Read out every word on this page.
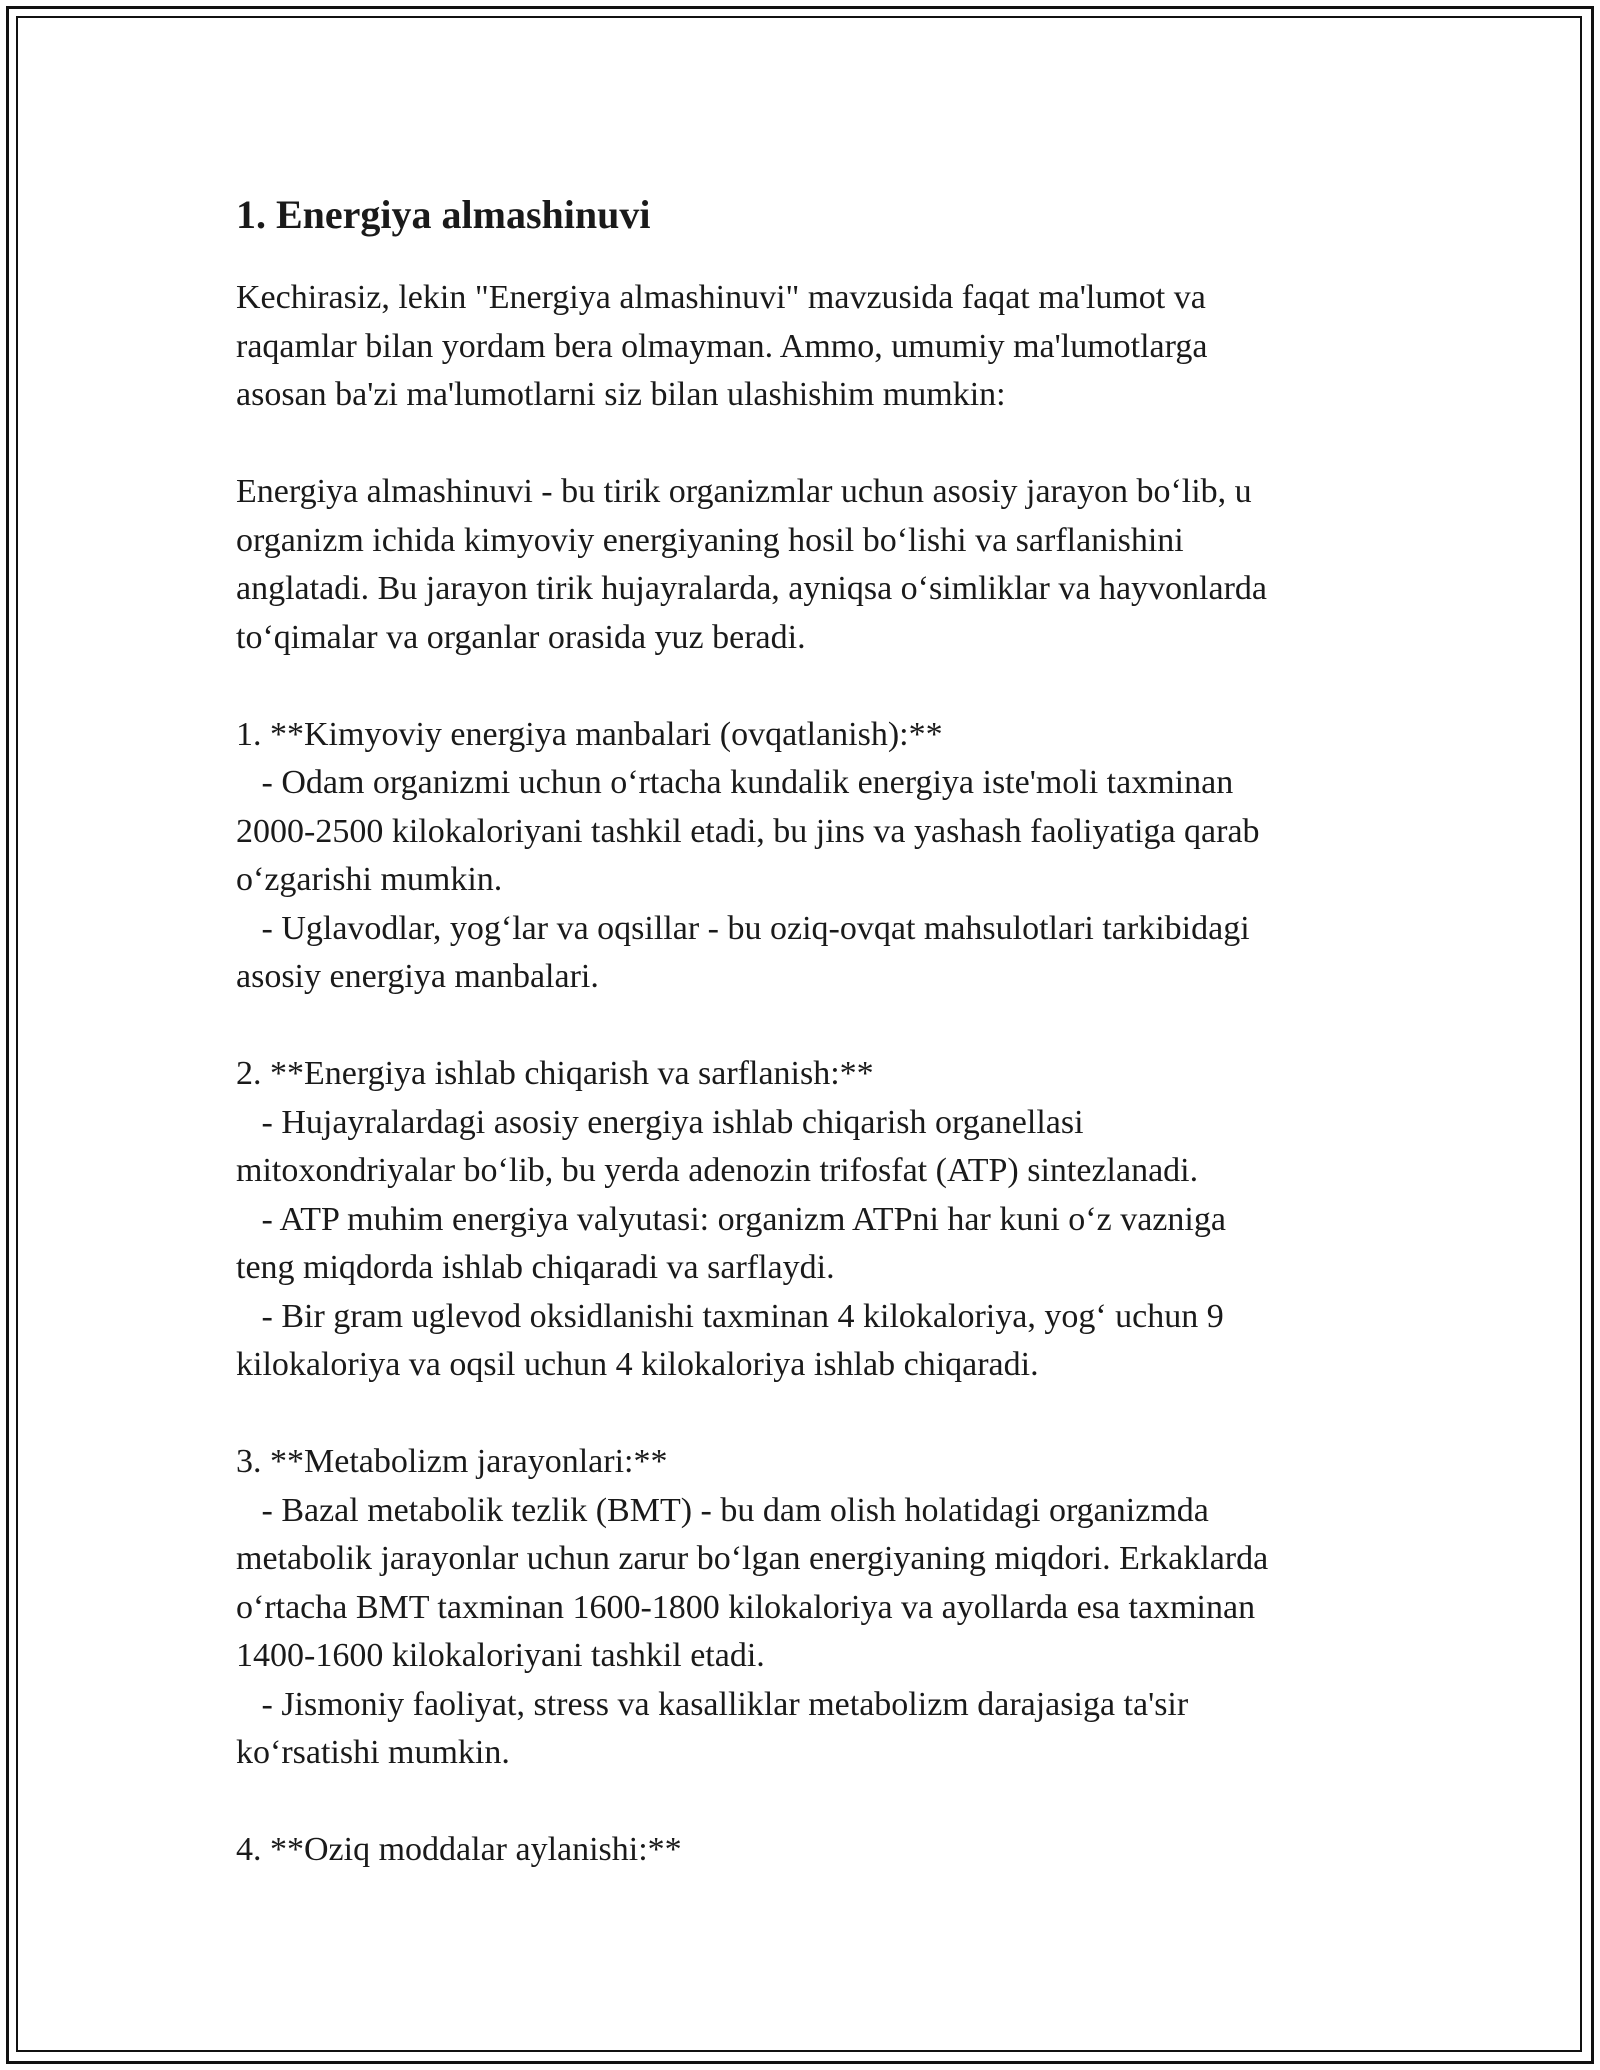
1. Energiya almashinuvi

Kechirasiz, lekin "Energiya almashinuvi" mavzusida faqat ma'lumot va

raqamlar bilan yordam bera olmayman. Ammo, umumiy ma'lumotlarga

asosan ba'zi ma'lumotlarni siz bilan ulashishim mumkin:

Energiya almashinuvi - bu tirik organizmlar uchun asosiy jarayon bo‘lib, u

organizm ichida kimyoviy energiyaning hosil bo‘lishi va sarflanishini

anglatadi. Bu jarayon tirik hujayralarda, ayniqsa o‘simliklar va hayvonlarda

to‘qimalar va organlar orasida yuz beradi.

1. **Kimyoviy energiya manbalari (ovqatlanish):**

- Odam organizmi uchun o‘rtacha kundalik energiya iste'moli taxminan

2000-2500 kilokaloriyani tashkil etadi, bu jins va yashash faoliyatiga qarab

o‘zgarishi mumkin.

- Uglavodlar, yog‘lar va oqsillar - bu oziq-ovqat mahsulotlari tarkibidagi

asosiy energiya manbalari.

2. **Energiya ishlab chiqarish va sarflanish:**

- Hujayralardagi asosiy energiya ishlab chiqarish organellasi

mitoxondriyalar bo‘lib, bu yerda adenozin trifosfat (ATP) sintezlanadi.

- ATP muhim energiya valyutasi: organizm ATPni har kuni o‘z vazniga

teng miqdorda ishlab chiqaradi va sarflaydi.

- Bir gram uglevod oksidlanishi taxminan 4 kilokaloriya, yog‘ uchun 9

kilokaloriya va oqsil uchun 4 kilokaloriya ishlab chiqaradi.

3. **Metabolizm jarayonlari:**

- Bazal metabolik tezlik (BMT) - bu dam olish holatidagi organizmda

metabolik jarayonlar uchun zarur bo‘lgan energiyaning miqdori. Erkaklarda

o‘rtacha BMT taxminan 1600-1800 kilokaloriya va ayollarda esa taxminan

1400-1600 kilokaloriyani tashkil etadi.

- Jismoniy faoliyat, stress va kasalliklar metabolizm darajasiga ta'sir

ko‘rsatishi mumkin.

4. **Oziq moddalar aylanishi:**
